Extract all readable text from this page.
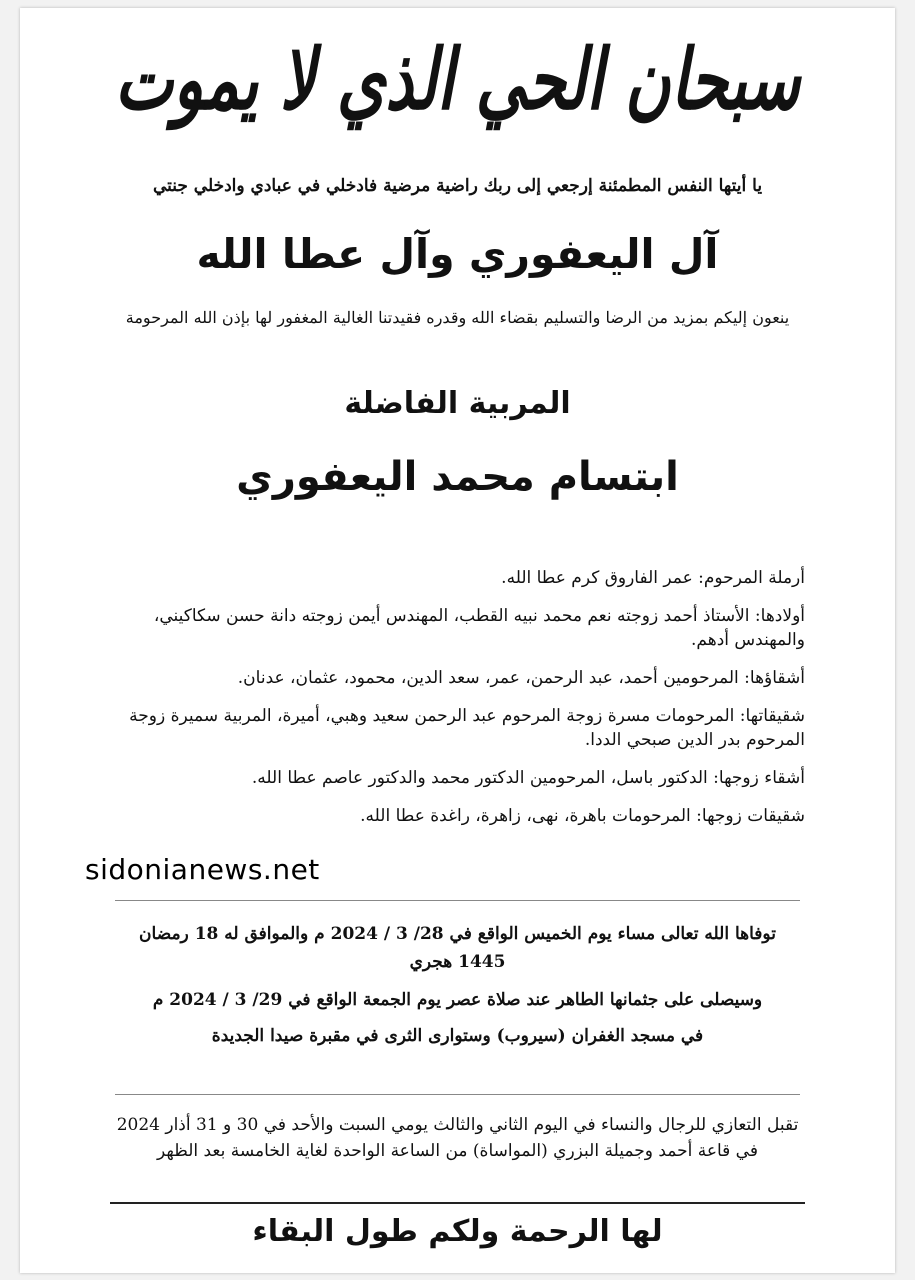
سبحان الحي الذي لا يموت
يا أيتها النفس المطمئنة إرجعي إلى ربك راضية مرضية فادخلي في عبادي وادخلي جنتي
آل اليعفوري وآل عطا الله
ينعون إليكم بمزيد من الرضا والتسليم بقضاء الله وقدره فقيدتنا الغالية المغفور لها بإذن الله المرحومة
المربية الفاضلة
ابتسام محمد اليعفوري

أرملة المرحوم: عمر الفاروق كرم عطا الله.

أولادها: الأستاذ أحمد زوجته نعم محمد نبيه القطب، المهندس أيمن زوجته دانة حسن سكاكيني، والمهندس أدهم.

أشقاؤها: المرحومين أحمد، عبد الرحمن، عمر، سعد الدين، محمود، عثمان، عدنان.

شقيقاتها: المرحومات مسرة زوجة المرحوم عبد الرحمن سعيد وهبي، أميرة، المربية سميرة زوجة المرحوم بدر الدين صبحي الددا.

أشقاء زوجها: الدكتور باسل، المرحومين الدكتور محمد والدكتور عاصم عطا الله.

شقيقات زوجها: المرحومات باهرة، نهى، زاهرة، راغدة عطا الله.

sidonianews.net
توفاها الله تعالى مساء يوم الخميس الواقع في 28/ 3 / 2024 م والموافق له 18 رمضان 1445 هجري

وسيصلى على جثمانها الطاهر عند صلاة عصر يوم الجمعة الواقع في 29/ 3 / 2024 م

في مسجد الغفران (سيروب) وستوارى الثرى في مقبرة صيدا الجديدة

تقبل التعازي للرجال والنساء في اليوم الثاني والثالث يومي السبت والأحد في 30 و 31 أذار 2024 في قاعة أحمد وجميلة البزري (المواساة) من الساعة الواحدة لغاية الخامسة بعد الظهر
لها الرحمة ولكم طول البقاء
